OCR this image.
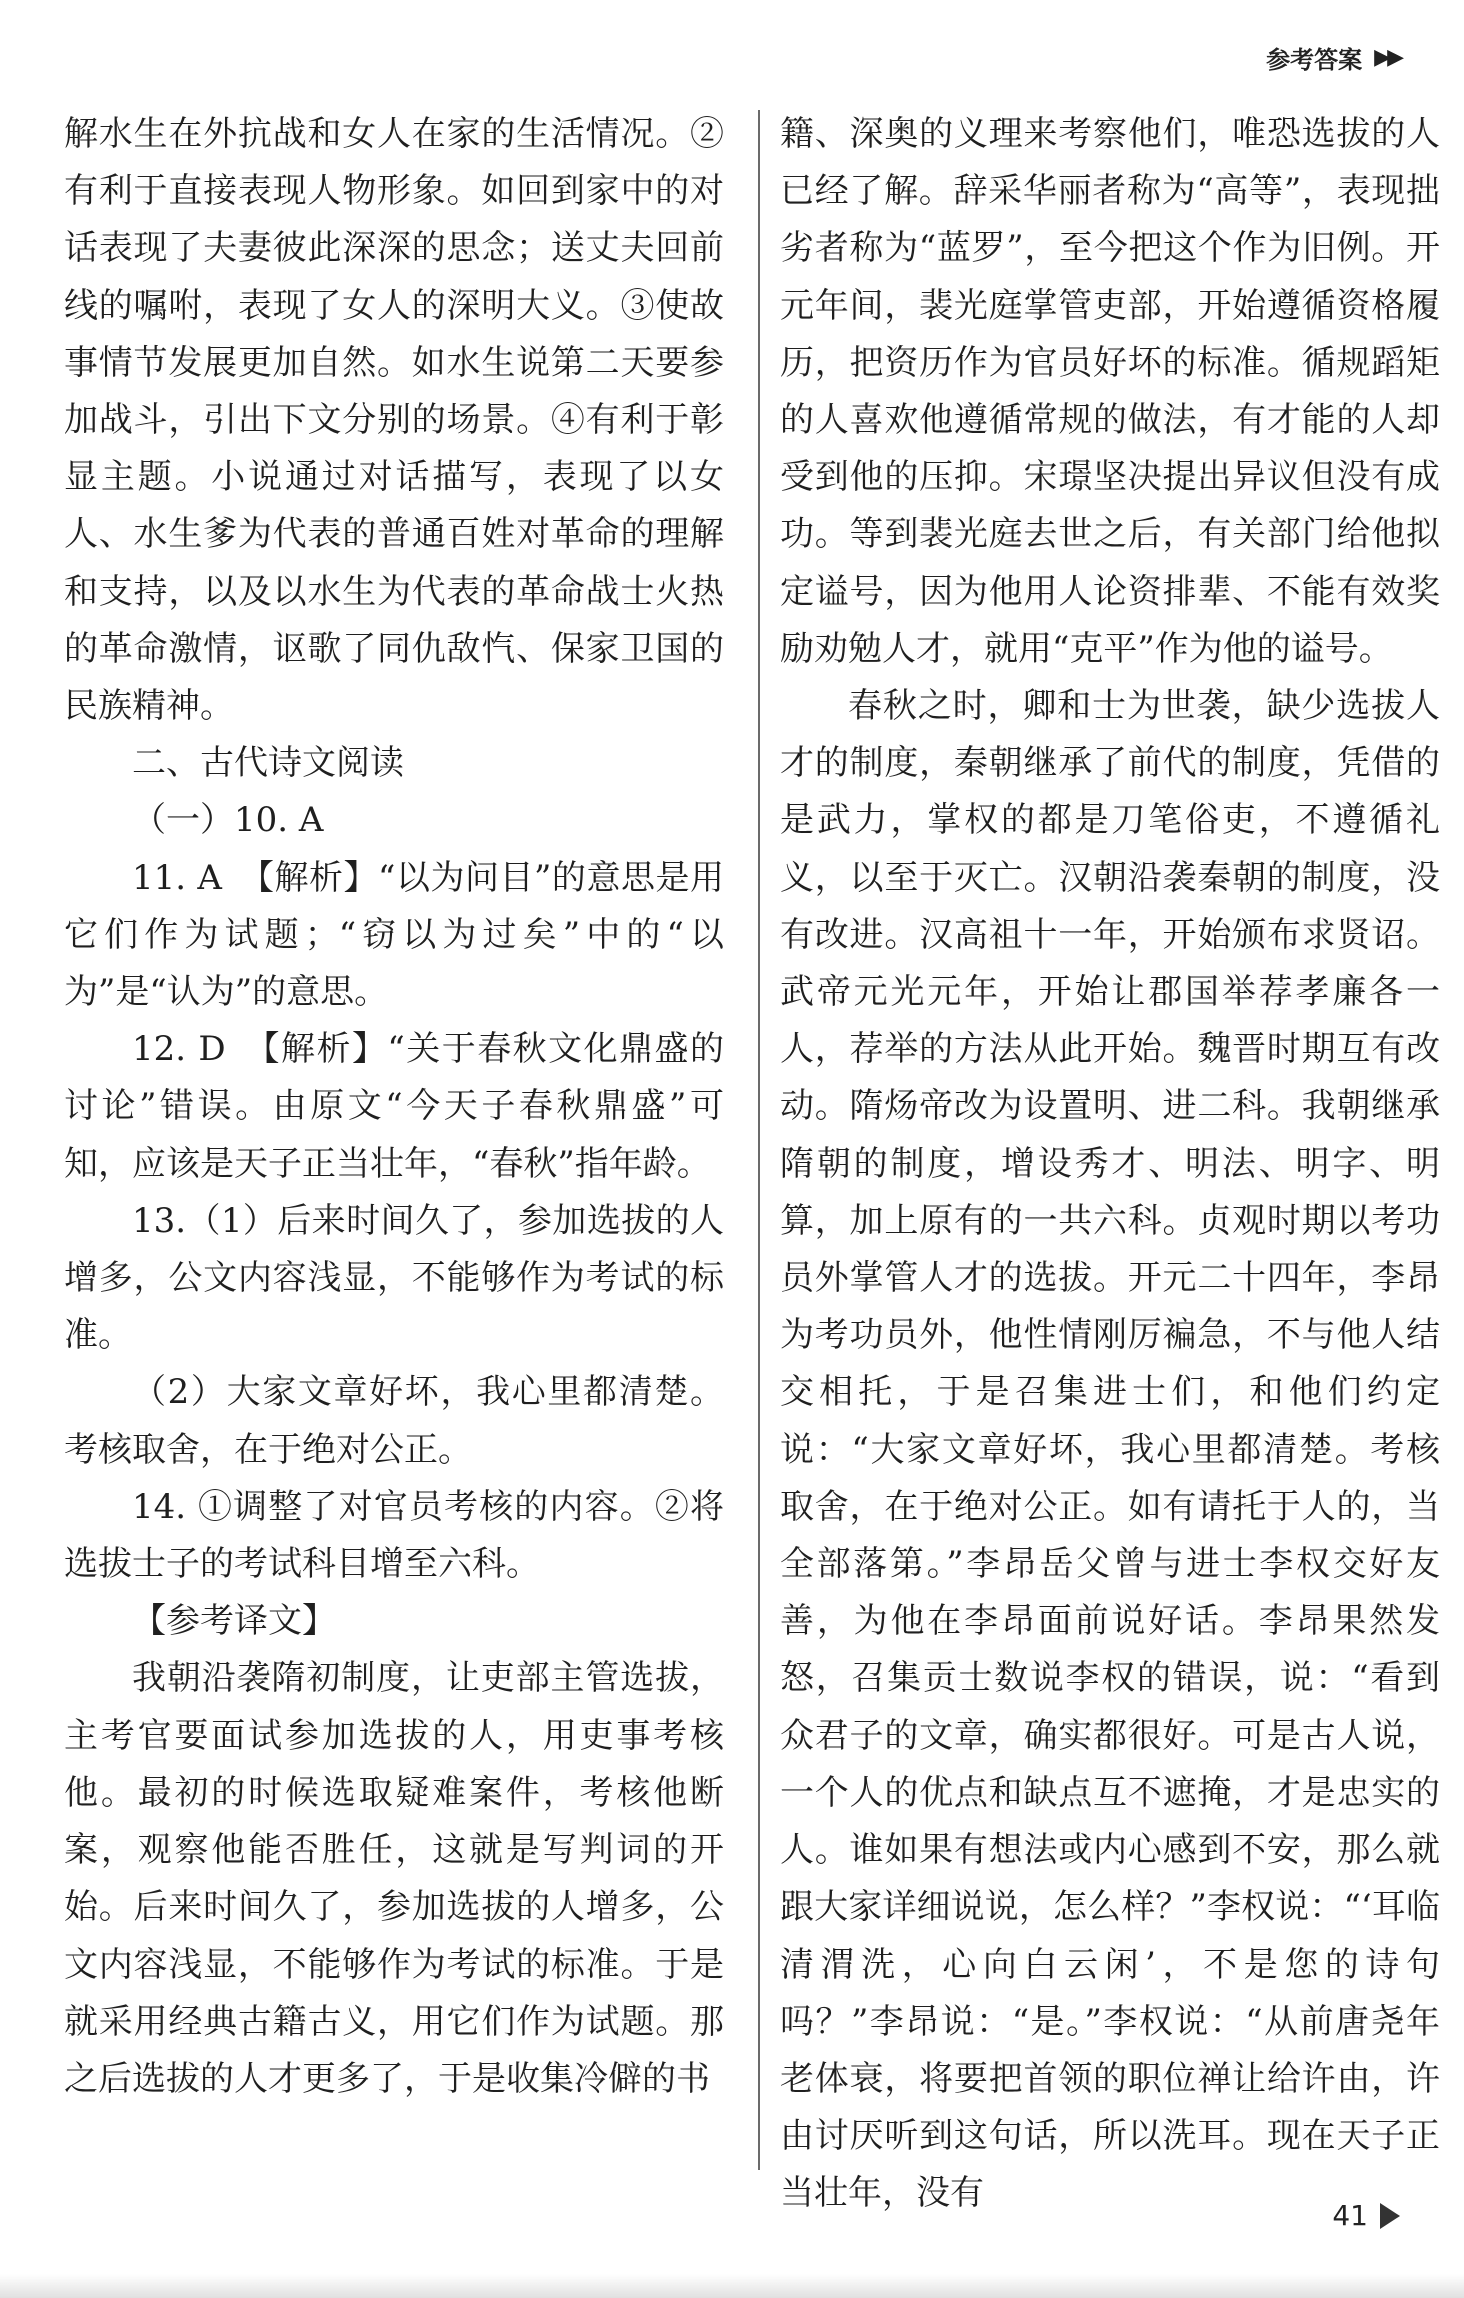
参考答案 ▶▶

解水生在外抗战和女人在家的生活情况。②有利于直接表现人物形象。如回到家中的对话表现了夫妻彼此深深的思念；送丈夫回前线的嘱咐，表现了女人的深明大义。③使故事情节发展更加自然。如水生说第二天要参加战斗，引出下文分别的场景。④有利于彰显主题。小说通过对话描写，表现了以女人、水生爹为代表的普通百姓对革命的理解和支持，以及以水生为代表的革命战士火热的革命激情，讴歌了同仇敌忾、保家卫国的民族精神。

二、古代诗文阅读

（一）10. A

11. A　【解析】“以为问目”的意思是用它们作为试题；“窃以为过矣”中的“以为”是“认为”的意思。

12. D　【解析】“关于春秋文化鼎盛的讨论”错误。由原文“今天子春秋鼎盛”可知，应该是天子正当壮年，“春秋”指年龄。

13.（1）后来时间久了，参加选拔的人增多，公文内容浅显，不能够作为考试的标准。

（2）大家文章好坏，我心里都清楚。考核取舍，在于绝对公正。

14. ①调整了对官员考核的内容。②将选拔士子的考试科目增至六科。

【参考译文】

我朝沿袭隋初制度，让吏部主管选拔，主考官要面试参加选拔的人，用吏事考核他。最初的时候选取疑难案件，考核他断案，观察他能否胜任，这就是写判词的开始。后来时间久了，参加选拔的人增多，公文内容浅显，不能够作为考试的标准。于是就采用经典古籍古义，用它们作为试题。那之后选拔的人才更多了，于是收集冷僻的书

籍、深奥的义理来考察他们，唯恐选拔的人已经了解。辞采华丽者称为“高等”，表现拙劣者称为“蓝罗”，至今把这个作为旧例。开元年间，裴光庭掌管吏部，开始遵循资格履历，把资历作为官员好坏的标准。循规蹈矩的人喜欢他遵循常规的做法，有才能的人却受到他的压抑。宋璟坚决提出异议但没有成功。等到裴光庭去世之后，有关部门给他拟定谥号，因为他用人论资排辈、不能有效奖励劝勉人才，就用“克平”作为他的谥号。

春秋之时，卿和士为世袭，缺少选拔人才的制度，秦朝继承了前代的制度，凭借的是武力，掌权的都是刀笔俗吏，不遵循礼义，以至于灭亡。汉朝沿袭秦朝的制度，没有改进。汉高祖十一年，开始颁布求贤诏。武帝元光元年，开始让郡国举荐孝廉各一人，荐举的方法从此开始。魏晋时期互有改动。隋炀帝改为设置明、进二科。我朝继承隋朝的制度，增设秀才、明法、明字、明算，加上原有的一共六科。贞观时期以考功员外掌管人才的选拔。开元二十四年，李昂为考功员外，他性情刚厉褊急，不与他人结交相托，于是召集进士们，和他们约定说：“大家文章好坏，我心里都清楚。考核取舍，在于绝对公正。如有请托于人的，当全部落第。”李昂岳父曾与进士李权交好友善，为他在李昂面前说好话。李昂果然发怒，召集贡士数说李权的错误，说：“看到众君子的文章，确实都很好。可是古人说，一个人的优点和缺点互不遮掩，才是忠实的人。谁如果有想法或内心感到不安，那么就跟大家详细说说，怎么样？”李权说：“‘耳临清渭洗，心向白云闲’，不是您的诗句吗？”李昂说：“是。”李权说：“从前唐尧年老体衰，将要把首领的职位禅让给许由，许由讨厌听到这句话，所以洗耳。现在天子正当壮年，没有

41
